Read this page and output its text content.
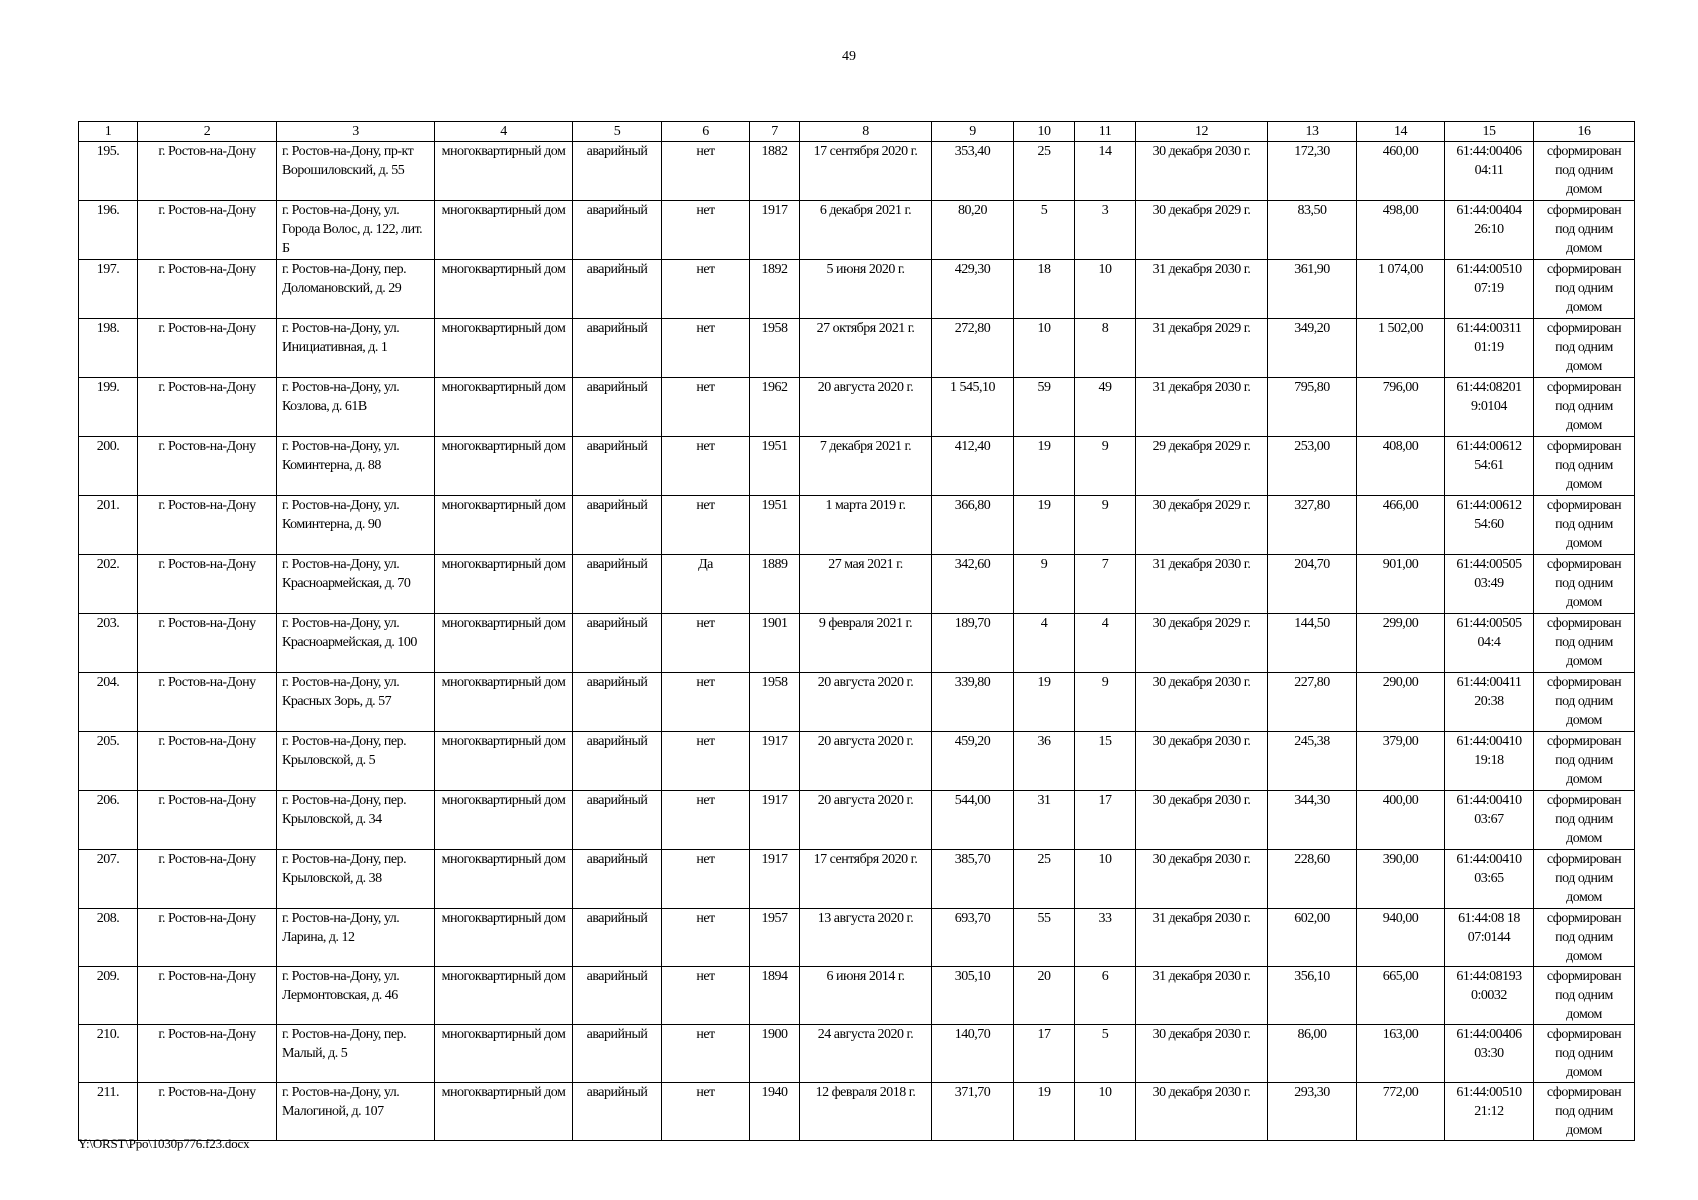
49
1	2	3	4	5	6	7	8	9	10	11	12	13	14	15	16
195.	г. Ростов-на-Дону	г. Ростов-на-Дону, пр-кт Ворошиловский, д. 55	многоквартирный дом	аварийный	нет	1882	17 сентября 2020 г.	353,40	25	14	30 декабря 2030 г.	172,30	460,00	61:44:00406 04:11	сформирован под одним домом
196.	г. Ростов-на-Дону	г. Ростов-на-Дону, ул. Города Волос, д. 122, лит. Б	многоквартирный дом	аварийный	нет	1917	6 декабря 2021 г.	80,20	5	3	30 декабря 2029 г.	83,50	498,00	61:44:00404 26:10	сформирован под одним домом
197.	г. Ростов-на-Дону	г. Ростов-на-Дону, пер. Доломановский, д. 29	многоквартирный дом	аварийный	нет	1892	5 июня 2020 г.	429,30	18	10	31 декабря 2030 г.	361,90	1 074,00	61:44:00510 07:19	сформирован под одним домом
198.	г. Ростов-на-Дону	г. Ростов-на-Дону, ул. Инициативная, д. 1	многоквартирный дом	аварийный	нет	1958	27 октября 2021 г.	272,80	10	8	31 декабря 2029 г.	349,20	1 502,00	61:44:00311 01:19	сформирован под одним домом
199.	г. Ростов-на-Дону	г. Ростов-на-Дону, ул. Козлова, д. 61В	многоквартирный дом	аварийный	нет	1962	20 августа 2020 г.	1 545,10	59	49	31 декабря 2030 г.	795,80	796,00	61:44:08201 9:0104	сформирован под одним домом
200.	г. Ростов-на-Дону	г. Ростов-на-Дону, ул. Коминтерна, д. 88	многоквартирный дом	аварийный	нет	1951	7 декабря 2021 г.	412,40	19	9	29 декабря 2029 г.	253,00	408,00	61:44:00612 54:61	сформирован под одним домом
201.	г. Ростов-на-Дону	г. Ростов-на-Дону, ул. Коминтерна, д. 90	многоквартирный дом	аварийный	нет	1951	1 марта 2019 г.	366,80	19	9	30 декабря 2029 г.	327,80	466,00	61:44:00612 54:60	сформирован под одним домом
202.	г. Ростов-на-Дону	г. Ростов-на-Дону, ул. Красноармейская, д. 70	многоквартирный дом	аварийный	Да	1889	27 мая 2021 г.	342,60	9	7	31 декабря 2030 г.	204,70	901,00	61:44:00505 03:49	сформирован под одним домом
203.	г. Ростов-на-Дону	г. Ростов-на-Дону, ул. Красноармейская, д. 100	многоквартирный дом	аварийный	нет	1901	9 февраля 2021 г.	189,70	4	4	30 декабря 2029 г.	144,50	299,00	61:44:00505 04:4	сформирован под одним домом
204.	г. Ростов-на-Дону	г. Ростов-на-Дону, ул. Красных Зорь, д. 57	многоквартирный дом	аварийный	нет	1958	20 августа 2020 г.	339,80	19	9	30 декабря 2030 г.	227,80	290,00	61:44:00411 20:38	сформирован под одним домом
205.	г. Ростов-на-Дону	г. Ростов-на-Дону, пер. Крыловской, д. 5	многоквартирный дом	аварийный	нет	1917	20 августа 2020 г.	459,20	36	15	30 декабря 2030 г.	245,38	379,00	61:44:00410 19:18	сформирован под одним домом
206.	г. Ростов-на-Дону	г. Ростов-на-Дону, пер. Крыловской, д. 34	многоквартирный дом	аварийный	нет	1917	20 августа 2020 г.	544,00	31	17	30 декабря 2030 г.	344,30	400,00	61:44:00410 03:67	сформирован под одним домом
207.	г. Ростов-на-Дону	г. Ростов-на-Дону, пер. Крыловской, д. 38	многоквартирный дом	аварийный	нет	1917	17 сентября 2020 г.	385,70	25	10	30 декабря 2030 г.	228,60	390,00	61:44:00410 03:65	сформирован под одним домом
208.	г. Ростов-на-Дону	г. Ростов-на-Дону, ул. Ларина, д. 12	многоквартирный дом	аварийный	нет	1957	13 августа 2020 г.	693,70	55	33	31 декабря 2030 г.	602,00	940,00	61:44:08 18 07:0144	сформирован под одним домом
209.	г. Ростов-на-Дону	г. Ростов-на-Дону, ул. Лермонтовская, д. 46	многоквартирный дом	аварийный	нет	1894	6 июня 2014 г.	305,10	20	6	31 декабря 2030 г.	356,10	665,00	61:44:08193 0:0032	сформирован под одним домом
210.	г. Ростов-на-Дону	г. Ростов-на-Дону, пер. Малый, д. 5	многоквартирный дом	аварийный	нет	1900	24 августа 2020 г.	140,70	17	5	30 декабря 2030 г.	86,00	163,00	61:44:00406 03:30	сформирован под одним домом
211.	г. Ростов-на-Дону	г. Ростов-на-Дону, ул. Малогиной, д. 107	многоквартирный дом	аварийный	нет	1940	12 февраля 2018 г.	371,70	19	10	30 декабря 2030 г.	293,30	772,00	61:44:00510 21:12	сформирован под одним домом
Y:\ORST\Ppo\1030p776.f23.docx
